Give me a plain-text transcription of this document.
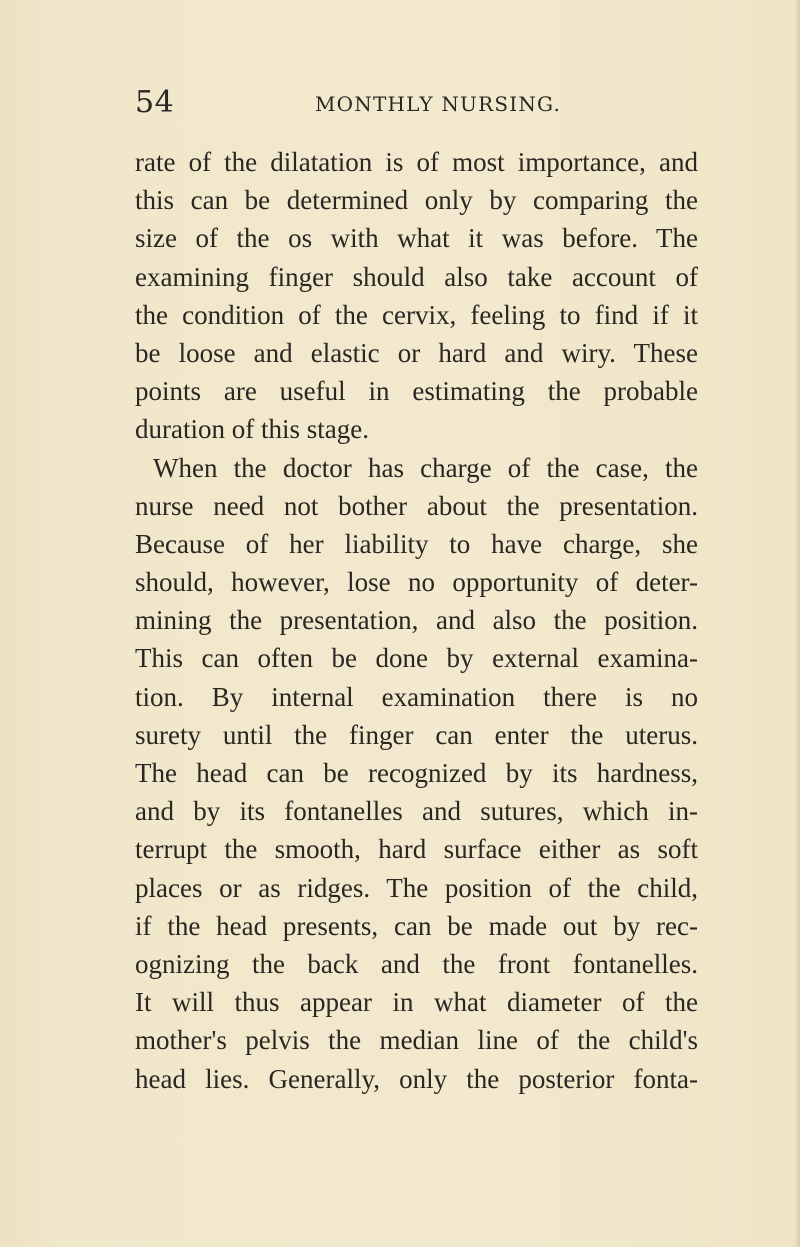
54	MONTHLY NURSING.
rate of the dilatation is of most importance, and
this can be determined only by comparing the
size of the os with what it was before. The
examining finger should also take account of
the condition of the cervix, feeling to find if it
be loose and elastic or hard and wiry. These
points are useful in estimating the probable
duration of this stage.
When the doctor has charge of the case, the
nurse need not bother about the presentation.
Because of her liability to have charge, she
should, however, lose no opportunity of deter-
mining the presentation, and also the position.
This can often be done by external examina-
tion. By internal examination there is no
surety until the finger can enter the uterus.
The head can be recognized by its hardness,
and by its fontanelles and sutures, which in-
terrupt the smooth, hard surface either as soft
places or as ridges. The position of the child,
if the head presents, can be made out by rec-
ognizing the back and the front fontanelles.
It will thus appear in what diameter of the
mother's pelvis the median line of the child's
head lies. Generally, only the posterior fonta-
